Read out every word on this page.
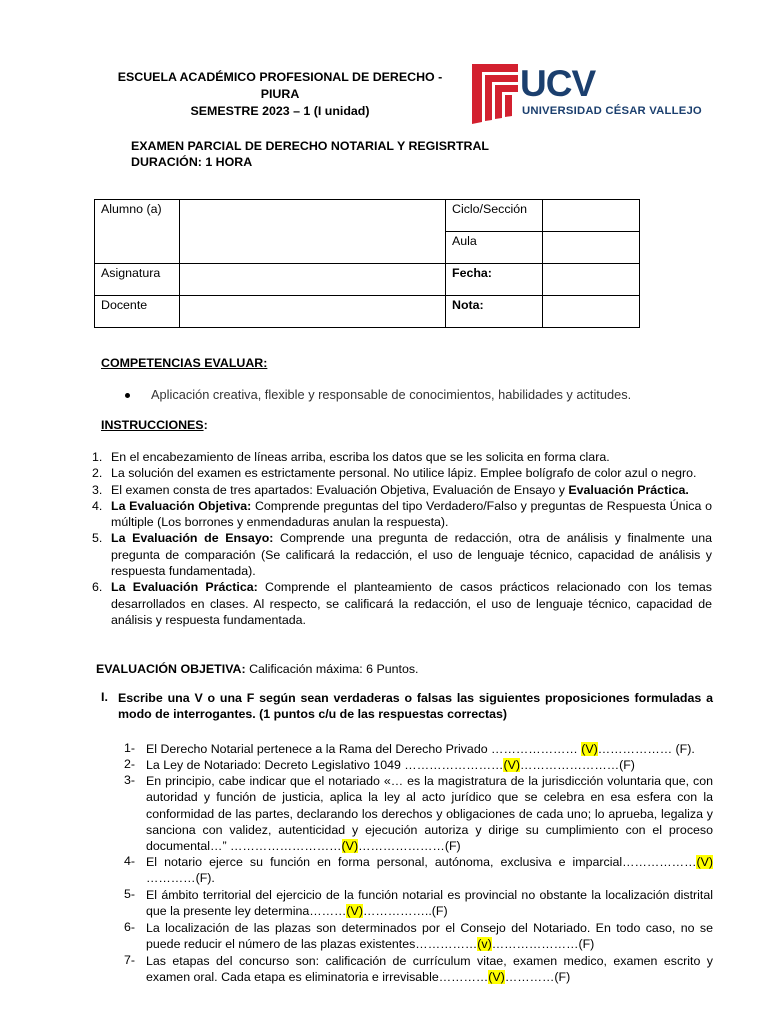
ESCUELA ACADÉMICO PROFESIONAL DE DERECHO -
PIURA
SEMESTRE 2023 – 1 (I unidad)
UCV
UNIVERSIDAD CÉSAR VALLEJO
EXAMEN PARCIAL DE DERECHO NOTARIAL Y REGISRTRAL
DURACIÓN: 1 HORA
Alumno (a)		Ciclo/Sección	
		Aula	
Asignatura		Fecha:	
Docente		Nota:	
COMPETENCIAS EVALUAR:
Aplicación creativa, flexible y responsable de conocimientos, habilidades y actitudes.
INSTRUCCIONES:
1. En el encabezamiento de líneas arriba, escriba los datos que se les solicita en forma clara.
2. La solución del examen es estrictamente personal. No utilice lápiz. Emplee bolígrafo de color azul o negro.
3. El examen consta de tres apartados: Evaluación Objetiva, Evaluación de Ensayo y Evaluación Práctica.
4. La Evaluación Objetiva: Comprende preguntas del tipo Verdadero/Falso y preguntas de Respuesta Única o múltiple (Los borrones y enmendaduras anulan la respuesta).
5. La Evaluación de Ensayo: Comprende una pregunta de redacción, otra de análisis y finalmente una pregunta de comparación (Se calificará la redacción, el uso de lenguaje técnico, capacidad de análisis y respuesta fundamentada).
6. La Evaluación Práctica: Comprende el planteamiento de casos prácticos relacionado con los temas desarrollados en clases. Al respecto, se calificará la redacción, el uso de lenguaje técnico, capacidad de análisis y respuesta fundamentada.
EVALUACIÓN OBJETIVA: Calificación máxima: 6 Puntos.
I. Escribe una V o una F según sean verdaderas o falsas las siguientes proposiciones formuladas a modo de interrogantes. (1 puntos c/u de las respuestas correctas)
1- El Derecho Notarial pertenece a la Rama del Derecho Privado ………………… (V)……………… (F).
2- La Ley de Notariado: Decreto Legislativo 1049 ……………………(V)……………………(F)
3- En principio, cabe indicar que el notariado «… es la magistratura de la jurisdicción voluntaria que, con autoridad y función de justicia, aplica la ley al acto jurídico que se celebra en esa esfera con la conformidad de las partes, declarando los derechos y obligaciones de cada uno; lo aprueba, legaliza y sanciona con validez, autenticidad y ejecución autoriza y dirige su cumplimiento con el proceso documental…” ………………………(V)…………………(F)
4- El notario ejerce su función en forma personal, autónoma, exclusiva e imparcial………………(V) …………(F).
5- El ámbito territorial del ejercicio de la función notarial es provincial no obstante la localización distrital que la presente ley determina………(V)……………..(F)
6- La localización de las plazas son determinados por el Consejo del Notariado. En todo caso, no se puede reducir el número de las plazas existentes……………(v)…………………(F)
7- Las etapas del concurso son: calificación de currículum vitae, examen medico, examen escrito y examen oral. Cada etapa es eliminatoria e irrevisable…………(V)…………(F)
